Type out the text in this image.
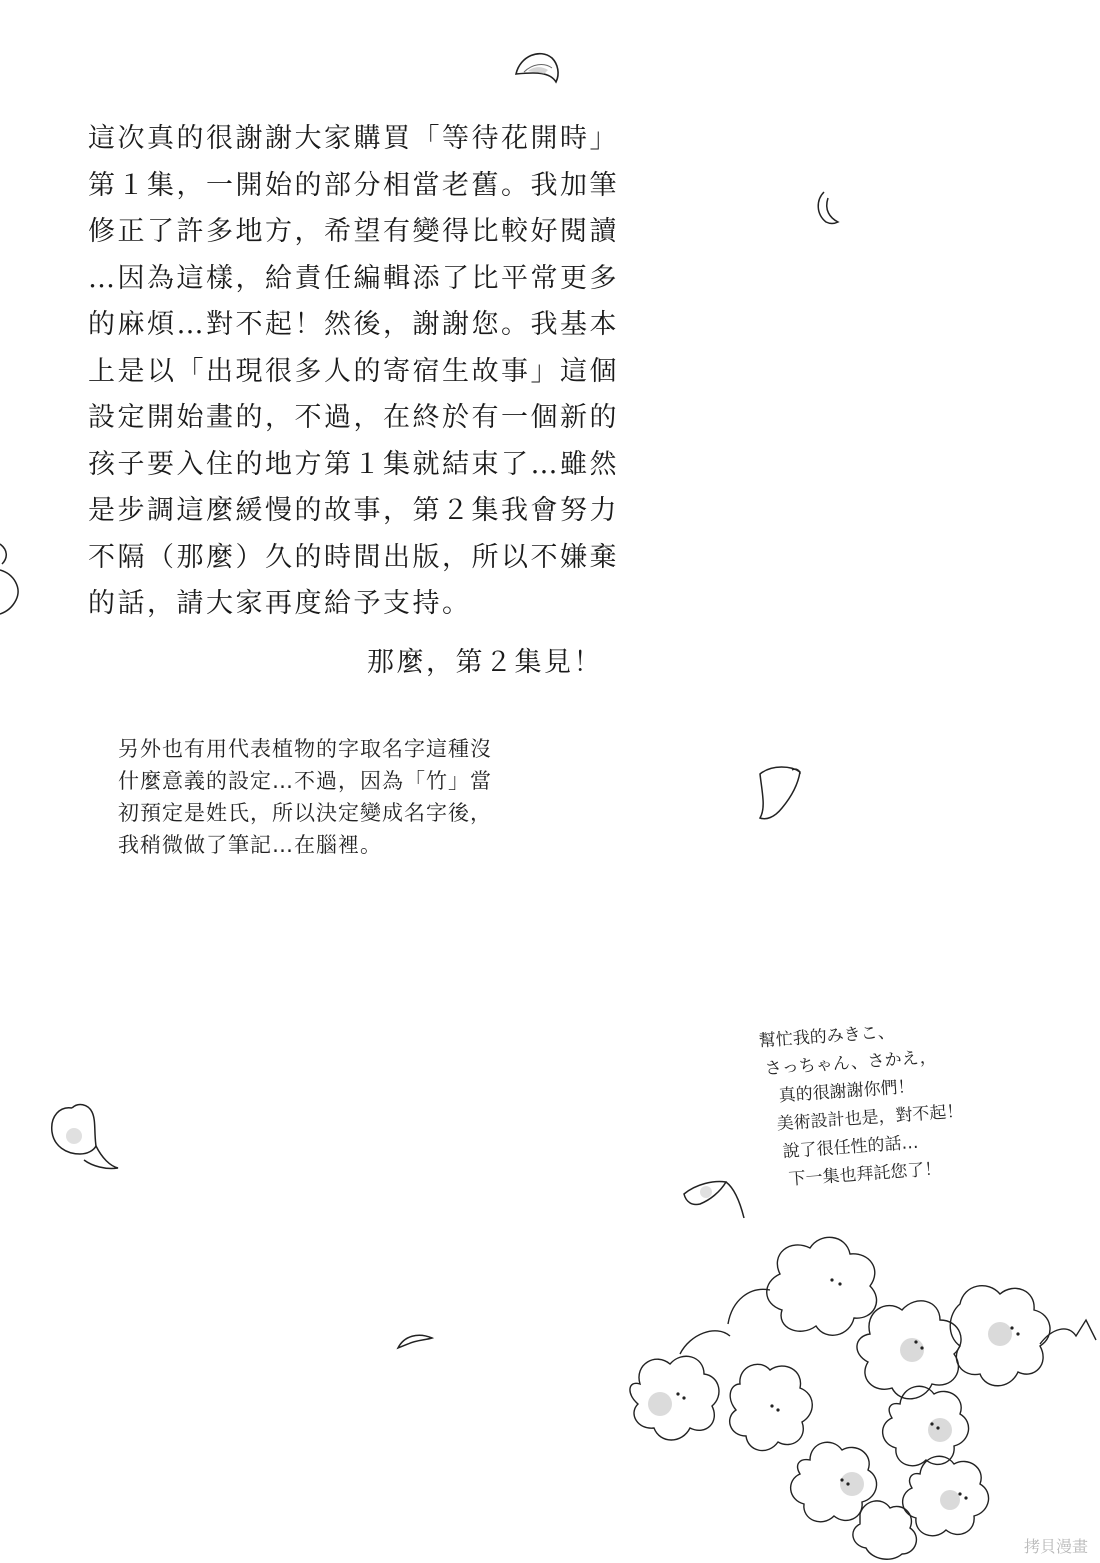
這次真的很謝謝大家購買「等待花開時」
第１集，一開始的部分相當老舊。我加筆
修正了許多地方，希望有變得比較好閱讀
…因為這樣，給責任編輯添了比平常更多
的麻煩…對不起！然後，謝謝您。我基本
上是以「出現很多人的寄宿生故事」這個
設定開始畫的，不過，在終於有一個新的
孩子要入住的地方第１集就結束了…雖然
是步調這麼緩慢的故事，第２集我會努力
不隔（那麼）久的時間出版，所以不嫌棄
的話，請大家再度給予支持。
那麼，第２集見！
另外也有用代表植物的字取名字這種沒
什麼意義的設定…不過，因為「竹」當
初預定是姓氏，所以決定變成名字後，
我稍微做了筆記…在腦裡。
幫忙我的みきこ、
さっちゃん、さかえ，
真的很謝謝你們！
美術設計也是，對不起！
說了很任性的話…
下一集也拜託您了！
拷貝漫畫
